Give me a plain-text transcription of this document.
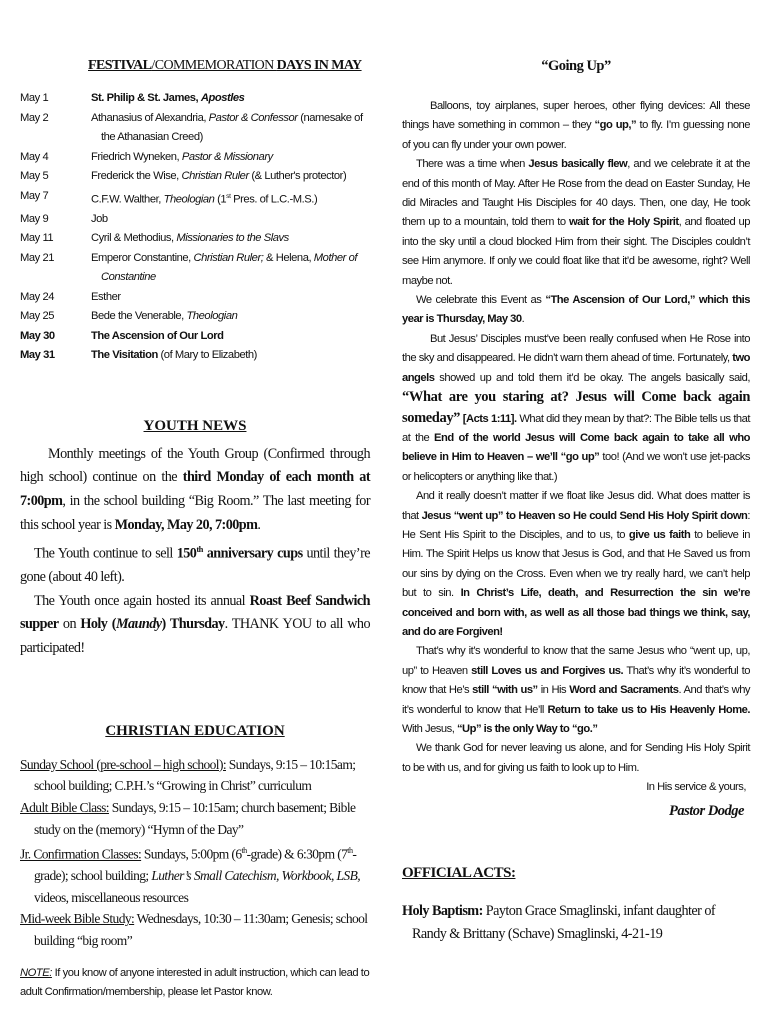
FESTIVAL/COMMEMORATION DAYS IN MAY
May 1	St. Philip & St. James, Apostles

May 2	Athanasius of Alexandria, Pastor & Confessor (namesake of the Athanasian Creed)

May 4	Friedrich Wyneken, Pastor & Missionary

May 5	Frederick the Wise, Christian Ruler (& Luther's protector)

May 7	C.F.W. Walther, Theologian (1st Pres. of L.C.-M.S.)

May 9	Job

May 11	Cyril & Methodius, Missionaries to the Slavs

May 21	Emperor Constantine, Christian Ruler; & Helena, Mother of Constantine

May 24	Esther

May 25	Bede the Venerable, Theologian

May 30	The Ascension of Our Lord

May 31	The Visitation (of Mary to Elizabeth)
YOUTH NEWS

Monthly meetings of the Youth Group (Confirmed through high school) continue on the third Monday of each month at 7:00pm, in the school building “Big Room.” The last meeting for this school year is Monday, May 20, 7:00pm.

The Youth continue to sell 150th anniversary cups until they’re gone (about 40 left).

The Youth once again hosted its annual Roast Beef Sandwich supper on Holy (Maundy) Thursday. THANK YOU to all who participated!

CHRISTIAN EDUCATION

Sunday School (pre-school – high school): Sundays, 9:15 – 10:15am; school building; C.P.H.’s “Growing in Christ” curriculum

Adult Bible Class: Sundays, 9:15 – 10:15am; church basement; Bible study on the (memory) “Hymn of the Day”

Jr. Confirmation Classes: Sundays, 5:00pm (6th-grade) & 6:30pm (7th-grade); school building; Luther’s Small Catechism, Workbook, LSB, videos, miscellaneous resources

Mid-week Bible Study: Wednesdays, 10:30 – 11:30am; Genesis; school building “big room”

NOTE: If you know of anyone interested in adult instruction, which can lead to adult Confirmation/membership, please let Pastor know.
“Going Up”

Balloons, toy airplanes, super heroes, other flying devices: All these things have something in common – they “go up,” to fly. I’m guessing none of you can fly under your own power.

There was a time when Jesus basically flew, and we celebrate it at the end of this month of May. After He Rose from the dead on Easter Sunday, He did Miracles and Taught His Disciples for 40 days. Then, one day, He took them up to a mountain, told them to wait for the Holy Spirit, and floated up into the sky until a cloud blocked Him from their sight. The Disciples couldn’t see Him anymore. If only we could float like that it’d be awesome, right? Well maybe not.

We celebrate this Event as “The Ascension of Our Lord,” which this year is Thursday, May 30.

But Jesus’ Disciples must’ve been really confused when He Rose into the sky and disappeared. He didn’t warn them ahead of time. Fortunately, two angels showed up and told them it’d be okay. The angels basically said, “What are you staring at? Jesus will Come back again someday” [Acts 1:11]. What did they mean by that?: The Bible tells us that at the End of the world Jesus will Come back again to take all who believe in Him to Heaven – we’ll “go up” too! (And we won’t use jet-packs or helicopters or anything like that.)

And it really doesn’t matter if we float like Jesus did. What does matter is that Jesus “went up” to Heaven so He could Send His Holy Spirit down: He Sent His Spirit to the Disciples, and to us, to give us faith to believe in Him. The Spirit Helps us know that Jesus is God, and that He Saved us from our sins by dying on the Cross. Even when we try really hard, we can’t help but to sin. In Christ’s Life, death, and Resurrection the sin we’re conceived and born with, as well as all those bad things we think, say, and do are Forgiven!

That’s why it’s wonderful to know that the same Jesus who “went up, up, up” to Heaven still Loves us and Forgives us. That’s why it’s wonderful to know that He’s still “with us” in His Word and Sacraments. And that’s why it’s wonderful to know that He’ll Return to take us to His Heavenly Home. With Jesus, “Up” is the only Way to “go.”

We thank God for never leaving us alone, and for Sending His Holy Spirit to be with us, and for giving us faith to look up to Him.

In His service & yours,
Pastor Dodge
OFFICIAL ACTS:
Holy Baptism: Payton Grace Smaglinski, infant daughter of Randy & Brittany (Schave) Smaglinski, 4-21-19
